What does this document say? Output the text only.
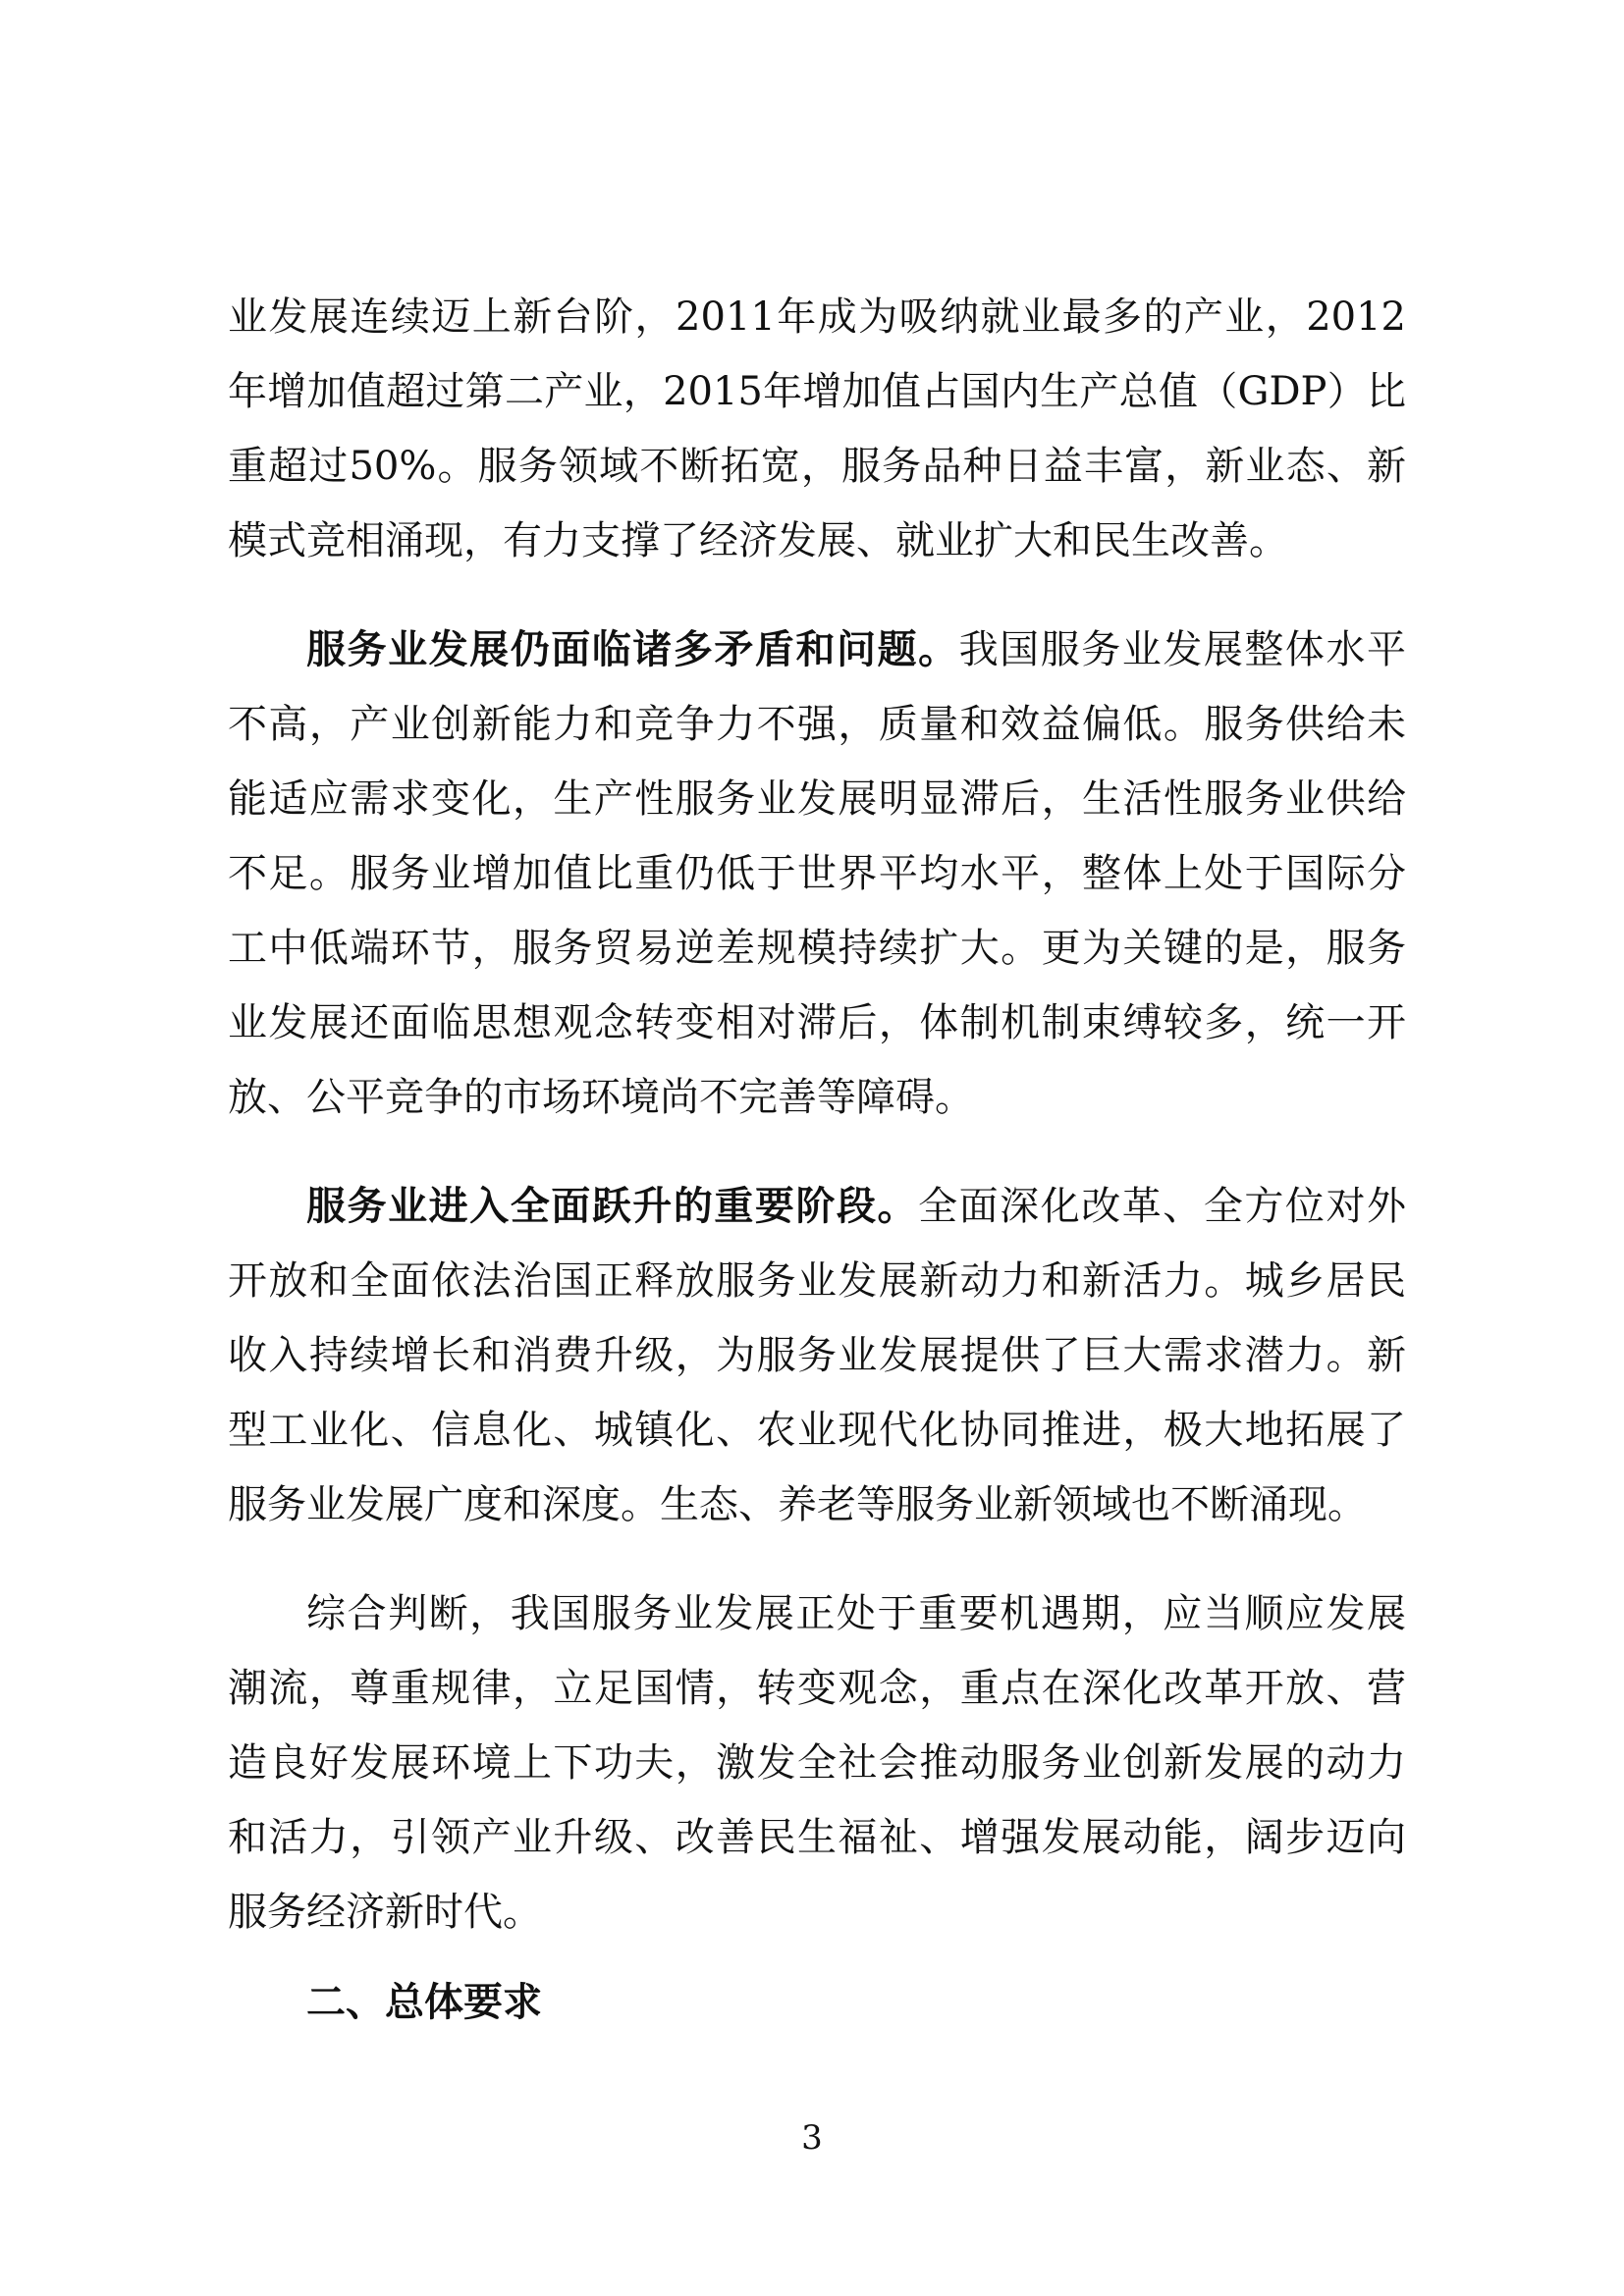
业发展连续迈上新台阶，2011年成为吸纳就业最多的产业，2012
年增加值超过第二产业，2015年增加值占国内生产总值（GDP）比
重超过50%。服务领域不断拓宽，服务品种日益丰富，新业态、新
模式竞相涌现，有力支撑了经济发展、就业扩大和民生改善。
服务业发展仍面临诸多矛盾和问题。我国服务业发展整体水平
不高，产业创新能力和竞争力不强，质量和效益偏低。服务供给未
能适应需求变化，生产性服务业发展明显滞后，生活性服务业供给
不足。服务业增加值比重仍低于世界平均水平，整体上处于国际分
工中低端环节，服务贸易逆差规模持续扩大。更为关键的是，服务
业发展还面临思想观念转变相对滞后，体制机制束缚较多，统一开
放、公平竞争的市场环境尚不完善等障碍。
服务业进入全面跃升的重要阶段。全面深化改革、全方位对外
开放和全面依法治国正释放服务业发展新动力和新活力。城乡居民
收入持续增长和消费升级，为服务业发展提供了巨大需求潜力。新
型工业化、信息化、城镇化、农业现代化协同推进，极大地拓展了
服务业发展广度和深度。生态、养老等服务业新领域也不断涌现。
综合判断，我国服务业发展正处于重要机遇期，应当顺应发展
潮流，尊重规律，立足国情，转变观念，重点在深化改革开放、营
造良好发展环境上下功夫，激发全社会推动服务业创新发展的动力
和活力，引领产业升级、改善民生福祉、增强发展动能，阔步迈向
服务经济新时代。
二、总体要求
3
